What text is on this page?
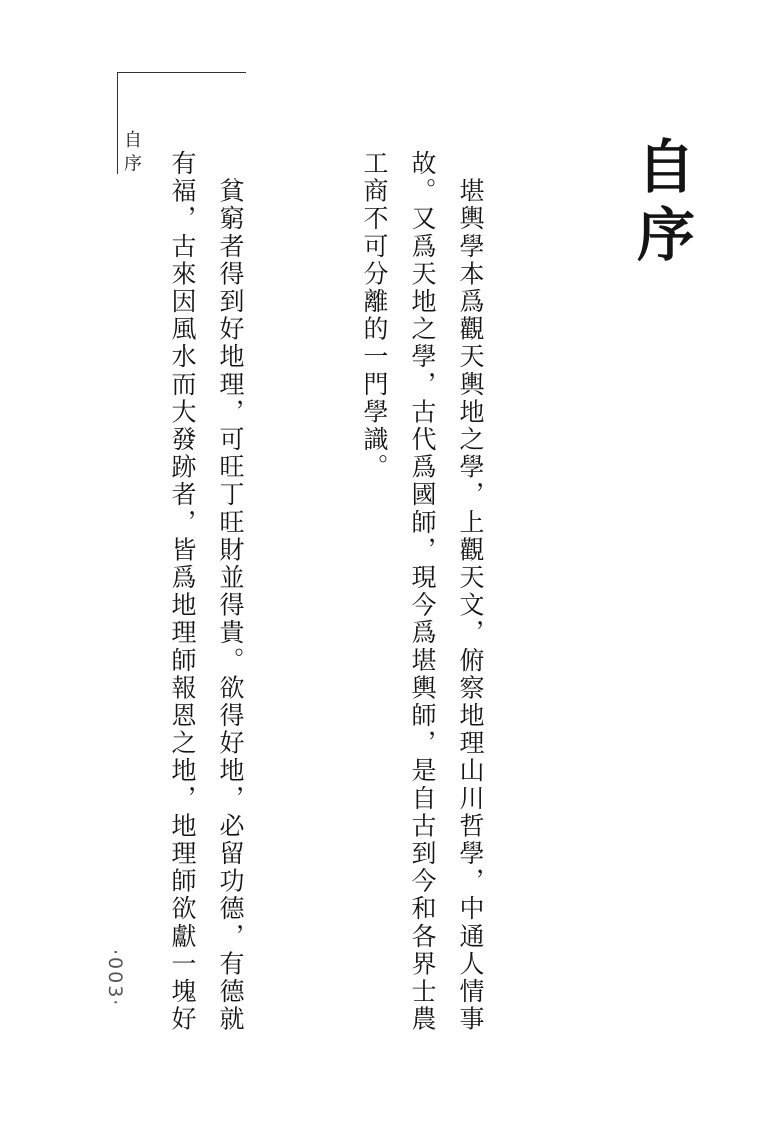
自 序	自序

　堪輿學本爲觀天輿地之學，上觀天文，俯察地理山川哲學，中通人情事故。又爲天地之學，古代爲國師，現今爲堪輿師，是自古到今和各界士農工商不可分離的一門學識。

　貧窮者得到好地理，可旺丁旺財並得貴。欲得好地，必留功德，有德就有福，古來因風水而大發跡者，皆爲地理師報恩之地，地理師欲獻一塊好

·003·
